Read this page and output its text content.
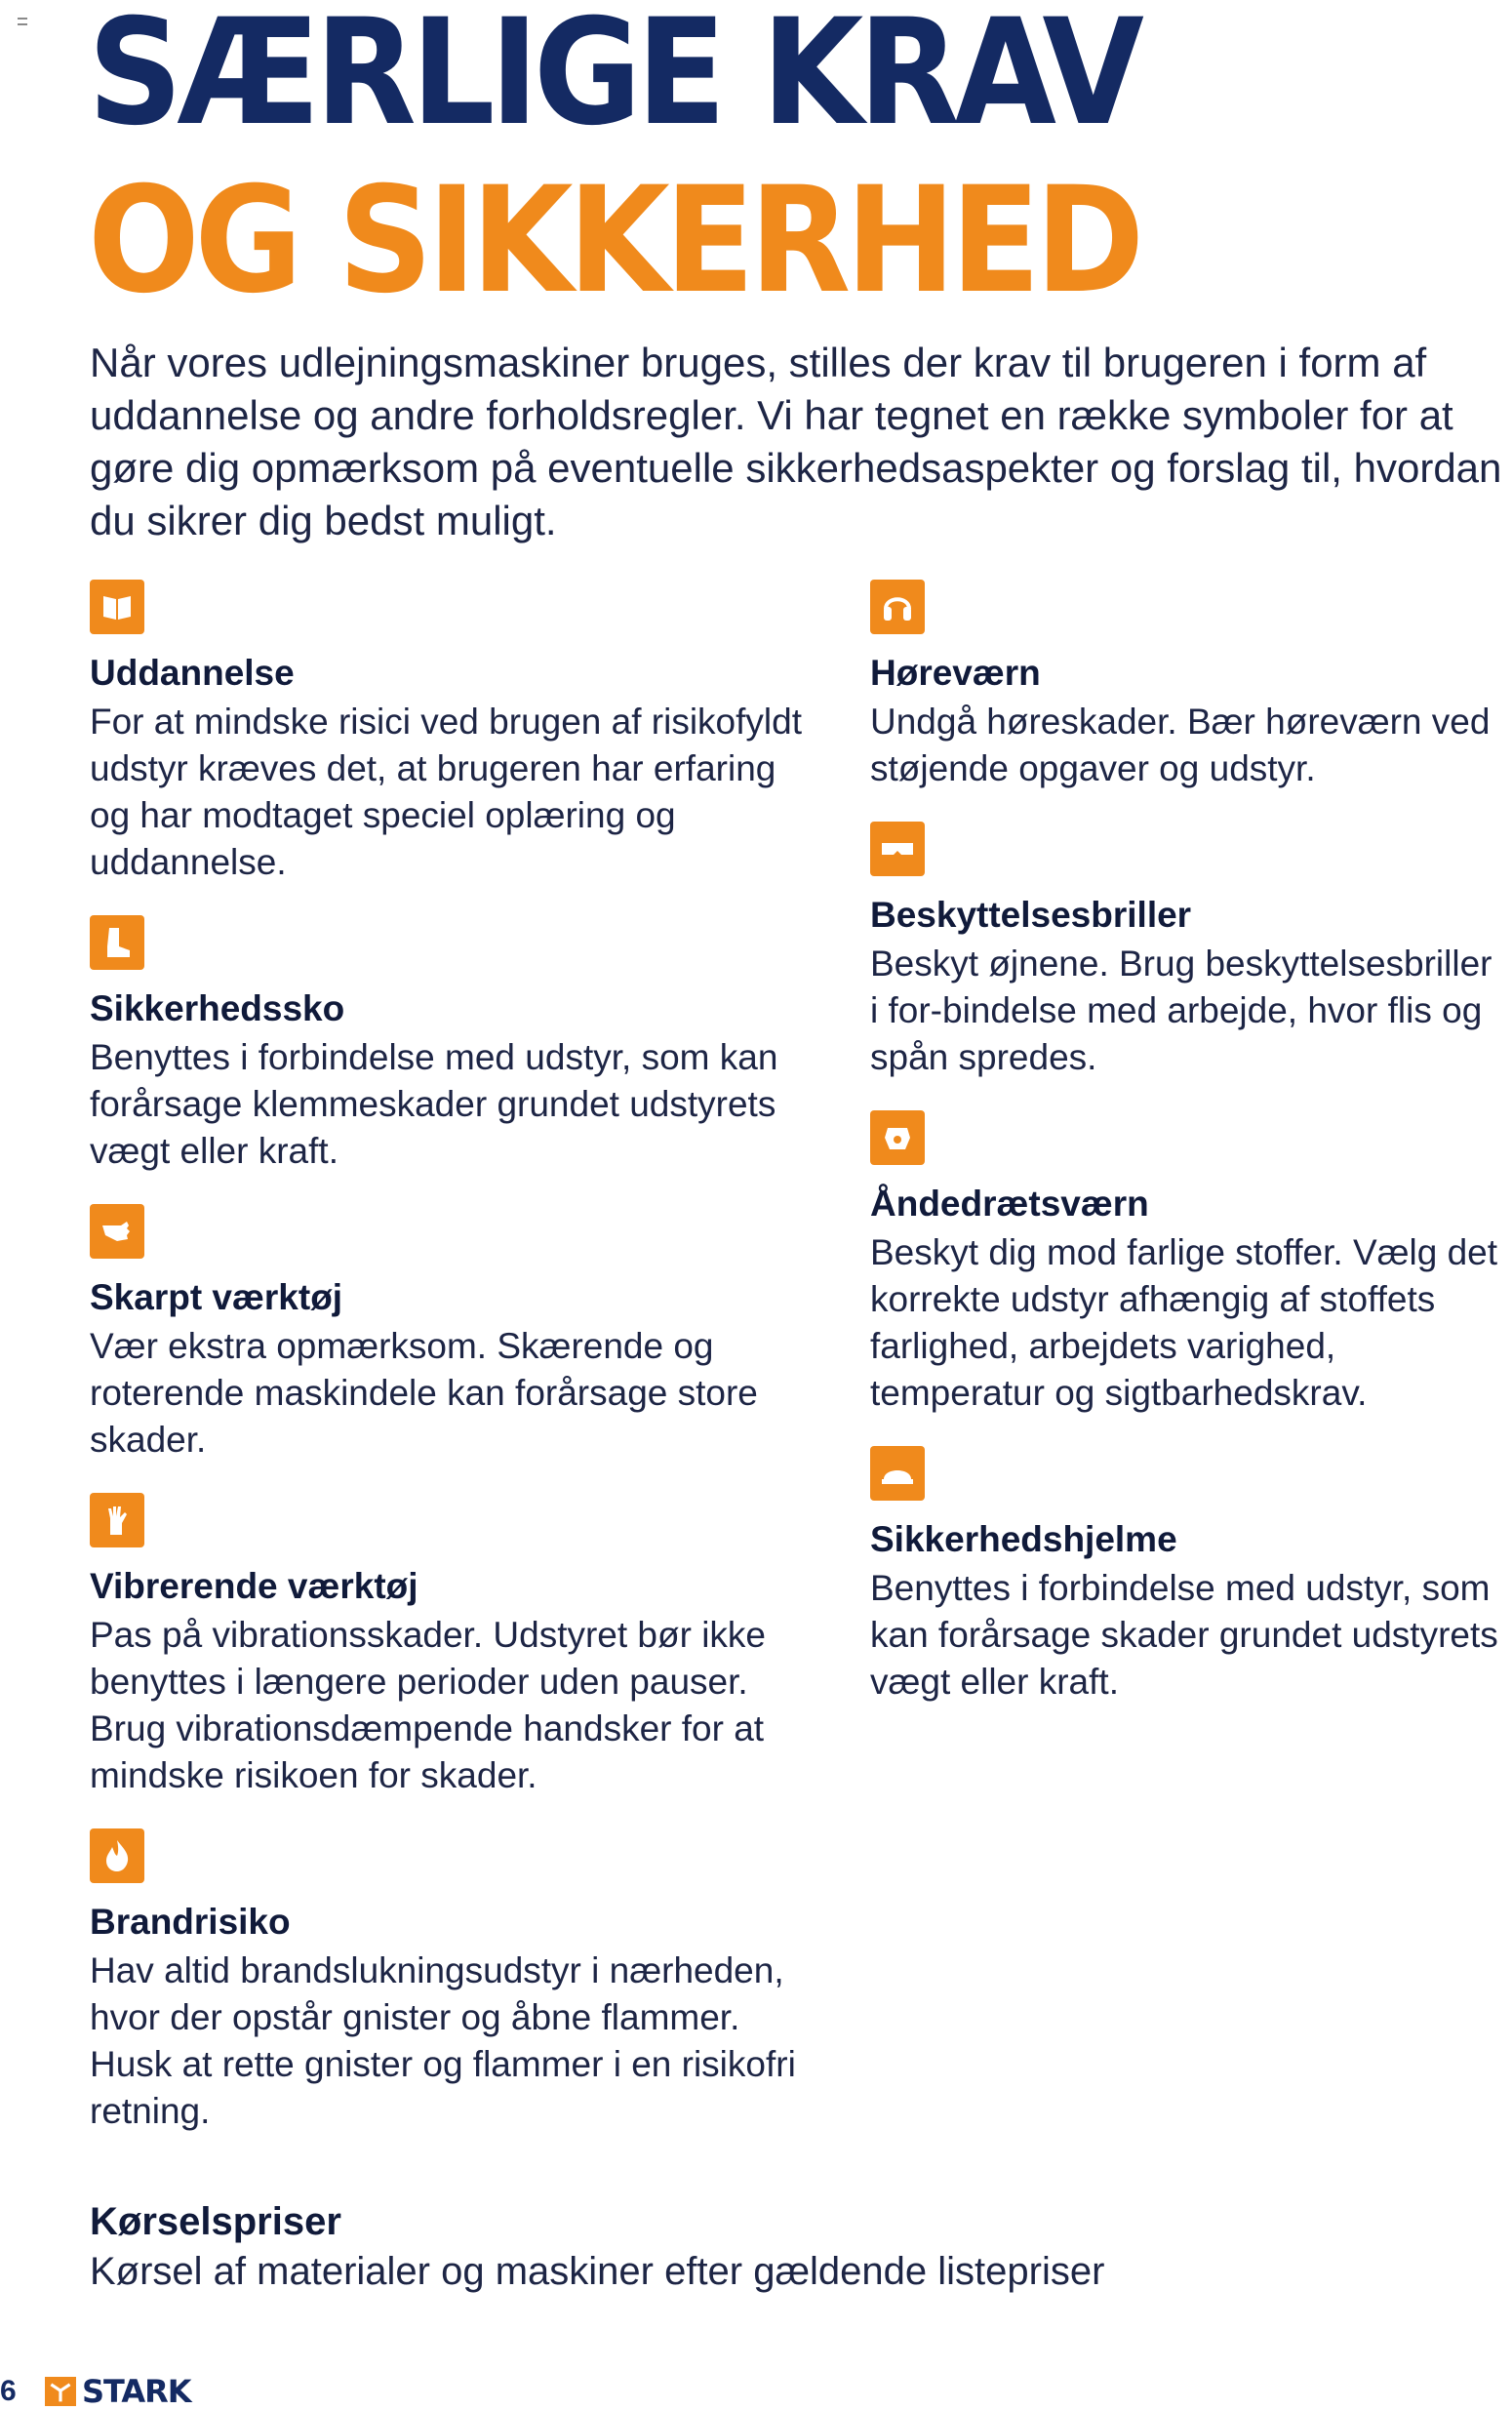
SÆRLIGE KRAV
OG SIKKERHED

Når vores udlejningsmaskiner bruges, stilles der krav til brugeren i form af uddannelse og andre forholdsregler. Vi har tegnet en række symboler for at gøre dig opmærksom på eventuelle sikkerhedsaspekter og forslag til, hvordan du sikrer dig bedst muligt.

Uddannelse

For at mindske risici ved brugen af risikofyldt udstyr kræves det, at brugeren har erfaring og har modtaget speciel oplæring og uddannelse.

Sikkerhedssko

Benyttes i forbindelse med udstyr, som kan forårsage klemmeskader grundet udstyrets vægt eller kraft.

Skarpt værktøj

Vær ekstra opmærksom. Skærende og roterende maskindele kan forårsage store skader.

Vibrerende værktøj

Pas på vibrationsskader. Udstyret bør ikke benyttes i længere perioder uden pauser. Brug vibrationsdæmpende handsker for at mindske risikoen for skader.

Brandrisiko

Hav altid brandslukningsudstyr i nærheden, hvor der opstår gnister og åbne flammer. Husk at rette gnister og flammer i en risikofri retning.

Høreværn

Undgå høreskader. Bær høreværn ved støjende opgaver og udstyr.

Beskyttelsesbriller

Beskyt øjnene. Brug beskyttelsesbriller i for-bindelse med arbejde, hvor flis og spån spredes.

Åndedrætsværn

Beskyt dig mod farlige stoffer. Vælg det korrekte udstyr afhængig af stoffets farlighed, arbejdets varighed, temperatur og sigtbarhedskrav.

Sikkerhedshjelme

Benyttes i forbindelse med udstyr, som kan forårsage skader grundet udstyrets vægt eller kraft.

Kørselspriser

Kørsel af materialer og maskiner efter gældende listepriser

6 STARK
